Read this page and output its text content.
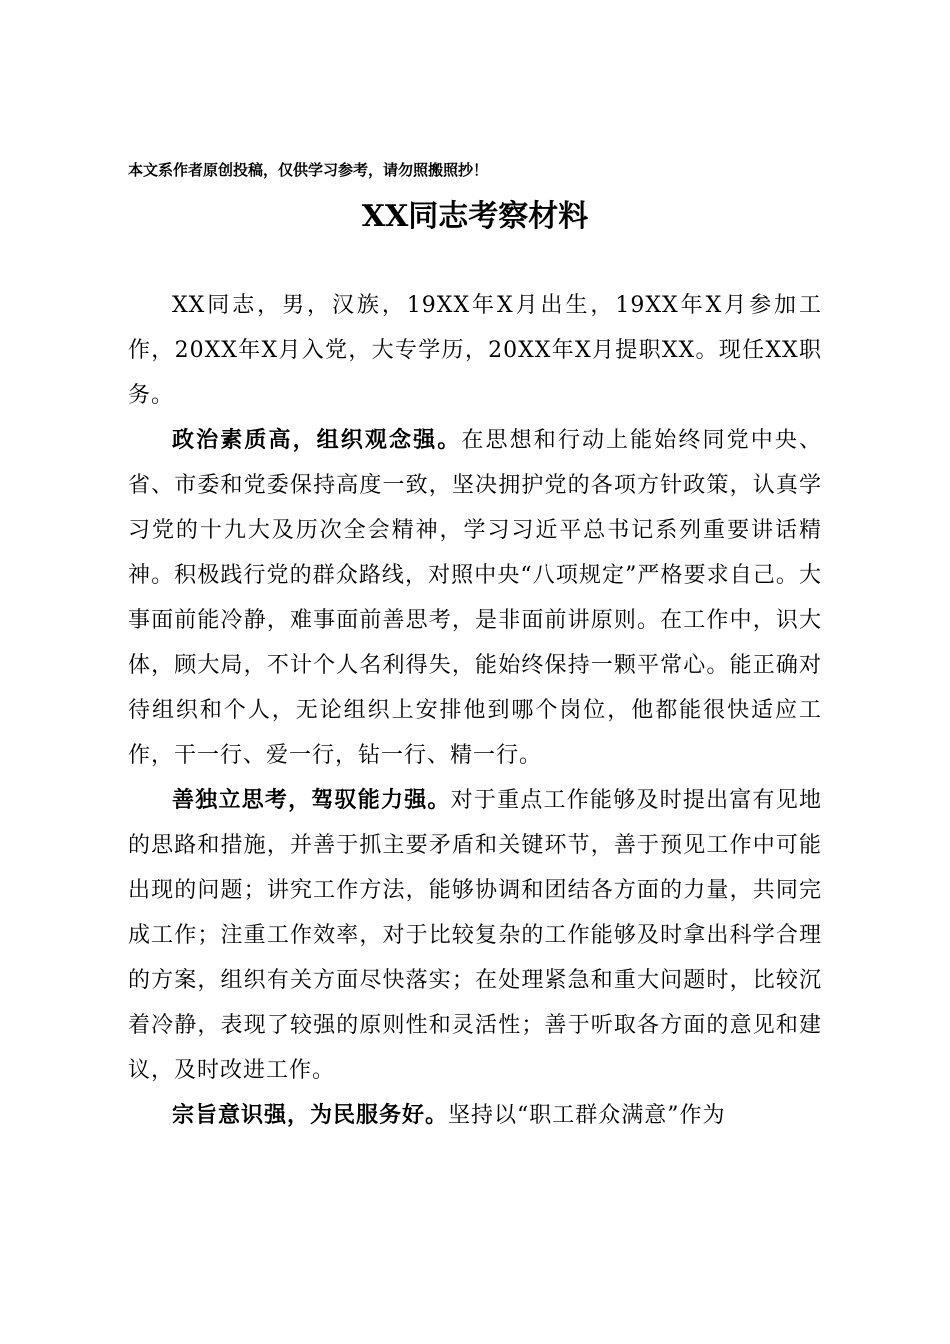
本文系作者原创投稿，仅供学习参考，请勿照搬照抄！
XX同志考察材料

XX同志，男，汉族，19XX年X月出生，19XX年X月参加工作，20XX年X月入党，大专学历，20XX年X月提职XX。现任XX职务。

政治素质高，组织观念强。在思想和行动上能始终同党中央、省、市委和党委保持高度一致，坚决拥护党的各项方针政策，认真学习党的十九大及历次全会精神，学习习近平总书记系列重要讲话精神。积极践行党的群众路线，对照中央“八项规定”严格要求自己。大事面前能冷静，难事面前善思考，是非面前讲原则。在工作中，识大体，顾大局，不计个人名利得失，能始终保持一颗平常心。能正确对待组织和个人，无论组织上安排他到哪个岗位，他都能很快适应工作，干一行、爱一行，钻一行、精一行。

善独立思考，驾驭能力强。对于重点工作能够及时提出富有见地的思路和措施，并善于抓主要矛盾和关键环节，善于预见工作中可能出现的问题；讲究工作方法，能够协调和团结各方面的力量，共同完成工作；注重工作效率，对于比较复杂的工作能够及时拿出科学合理的方案，组织有关方面尽快落实；在处理紧急和重大问题时，比较沉着冷静，表现了较强的原则性和灵活性；善于听取各方面的意见和建议，及时改进工作。

宗旨意识强，为民服务好。坚持以“职工群众满意”作为
